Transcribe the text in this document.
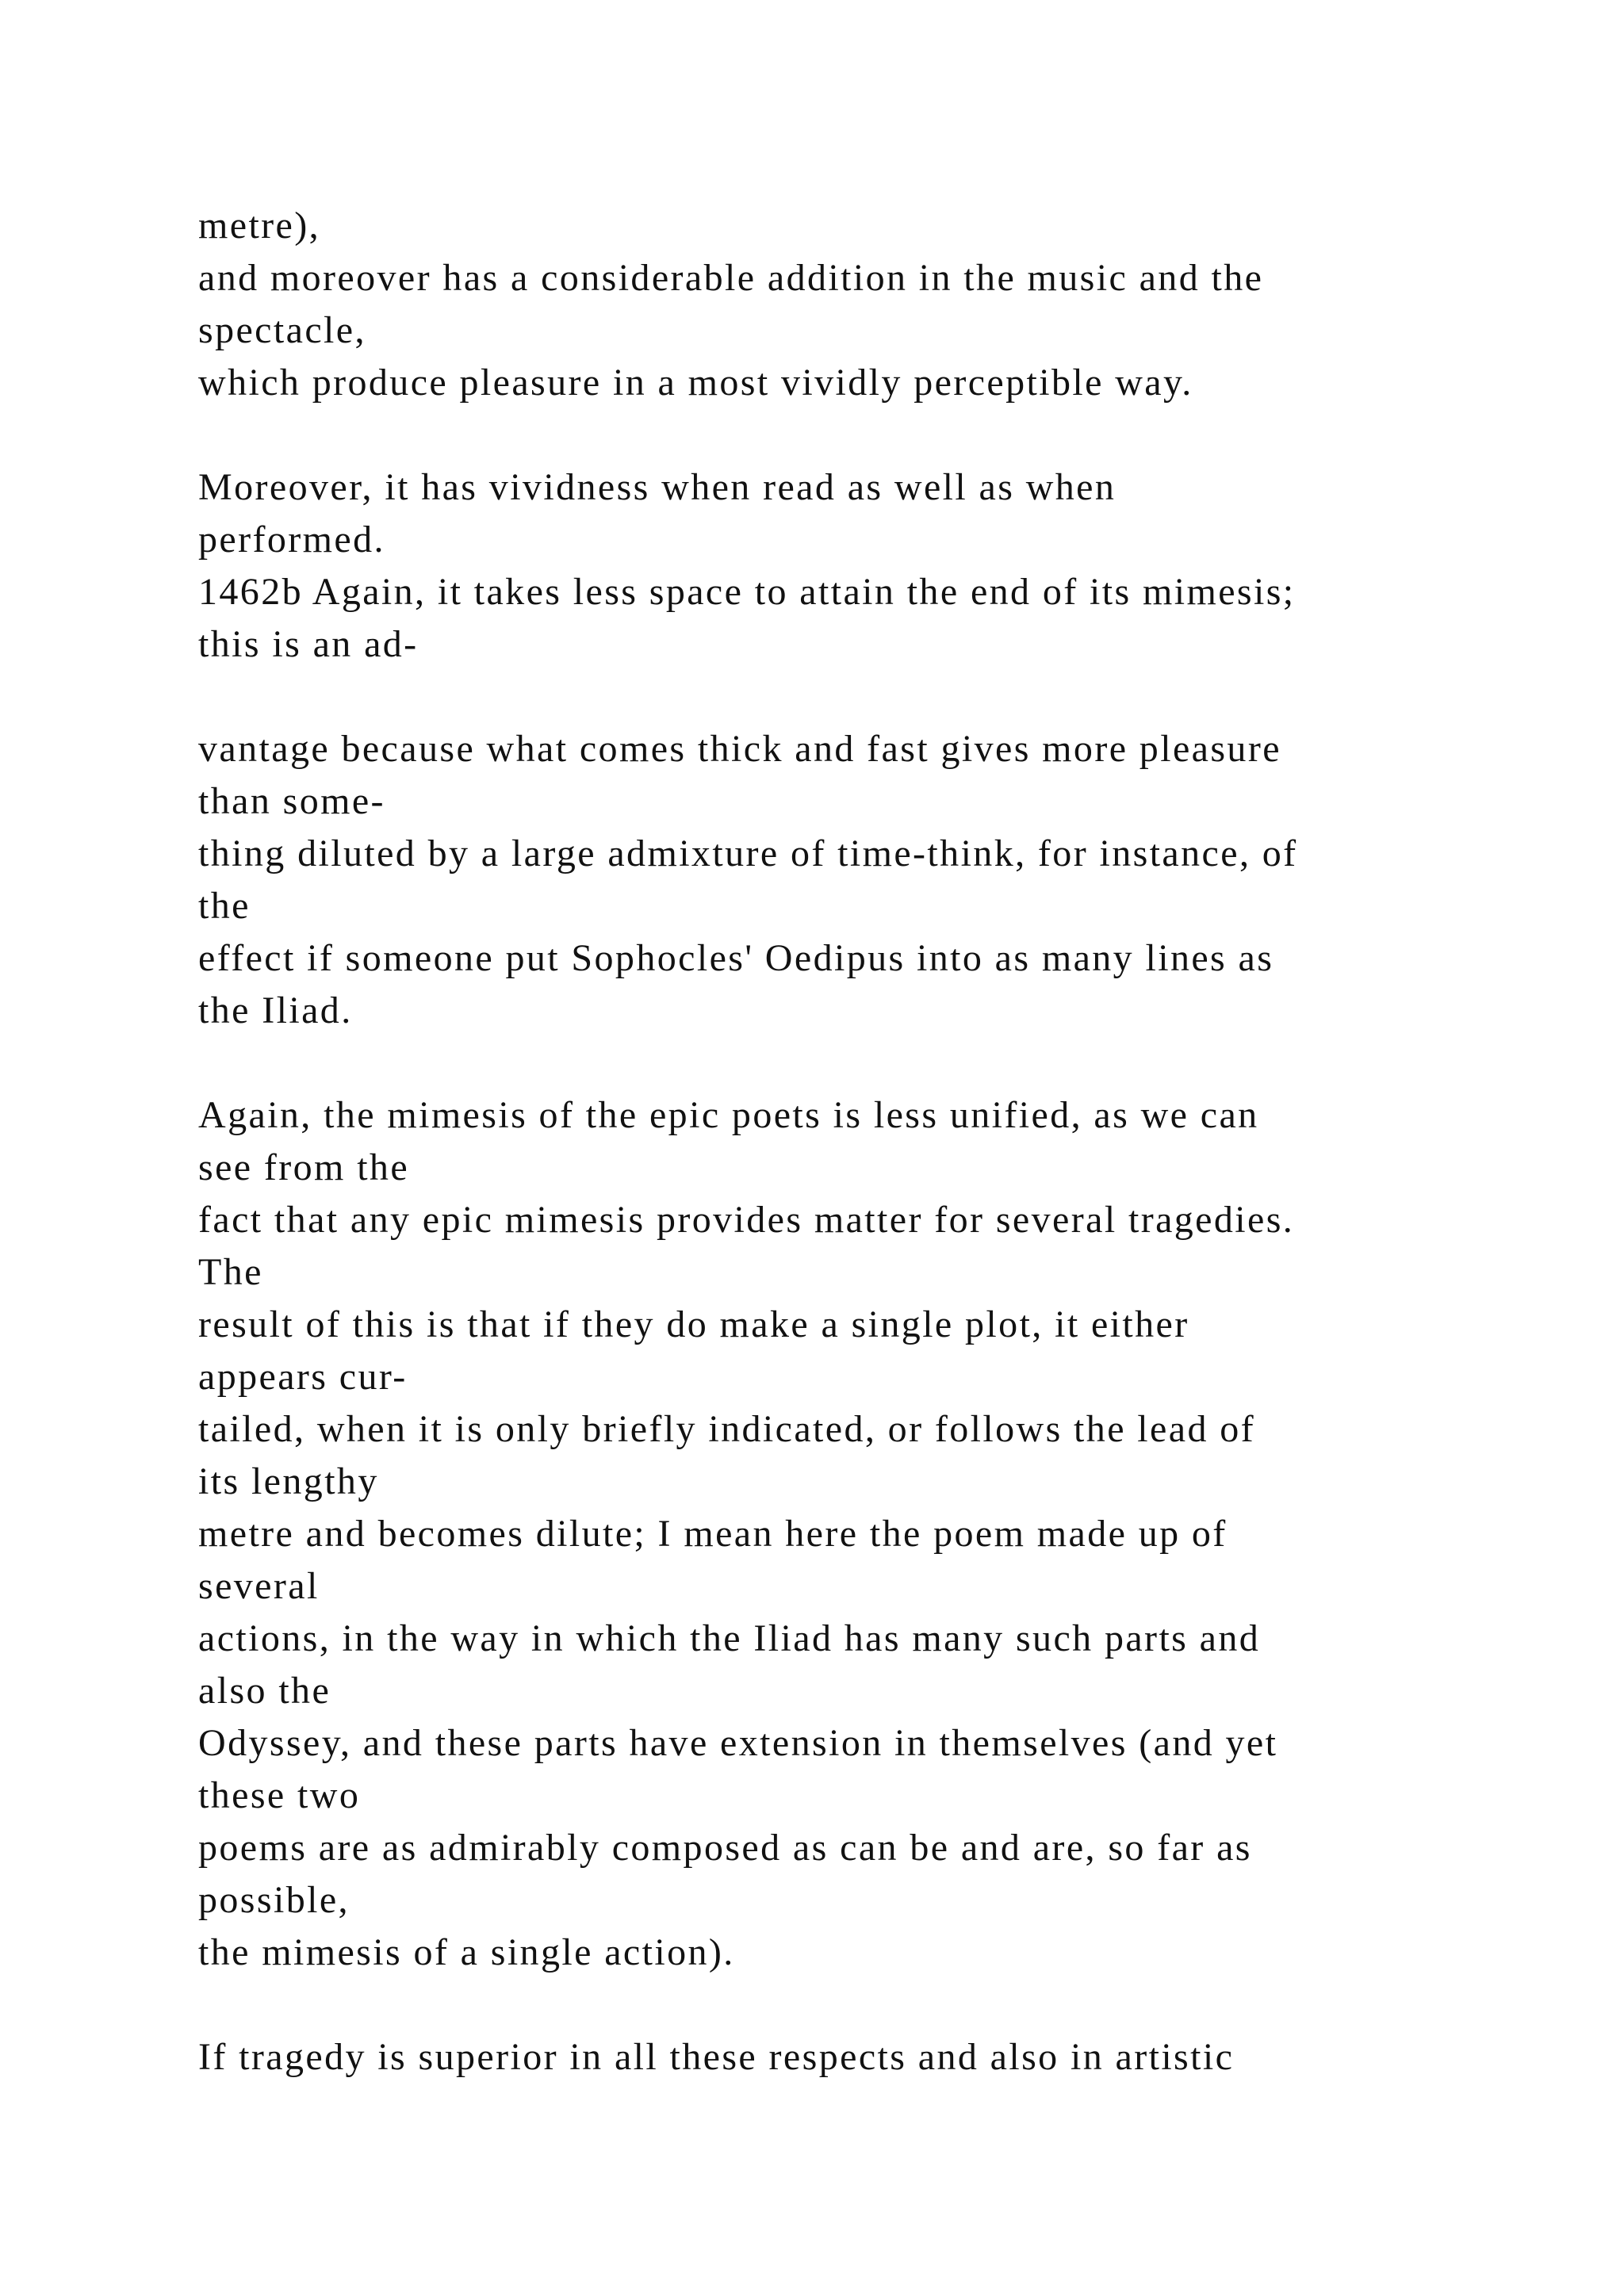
metre),
and moreover has a considerable addition in the music and the
spectacle,
which produce pleasure in a most vividly perceptible way.
Moreover, it has vividness when read as well as when
performed.
1462b Again, it takes less space to attain the end of its mimesis;
this is an ad-
vantage because what comes thick and fast gives more pleasure
than some-
thing diluted by a large admixture of time-think, for instance, of
the
effect if someone put Sophocles' Oedipus into as many lines as
the Iliad.
Again, the mimesis of the epic poets is less unified, as we can
see from the
fact that any epic mimesis provides matter for several tragedies.
The
result of this is that if they do make a single plot, it either
appears cur-
tailed, when it is only briefly indicated, or follows the lead of
its lengthy
metre and becomes dilute; I mean here the poem made up of
several
actions, in the way in which the Iliad has many such parts and
also the
Odyssey, and these parts have extension in themselves (and yet
these two
poems are as admirably composed as can be and are, so far as
possible,
the mimesis of a single action).
If tragedy is superior in all these respects and also in artistic
